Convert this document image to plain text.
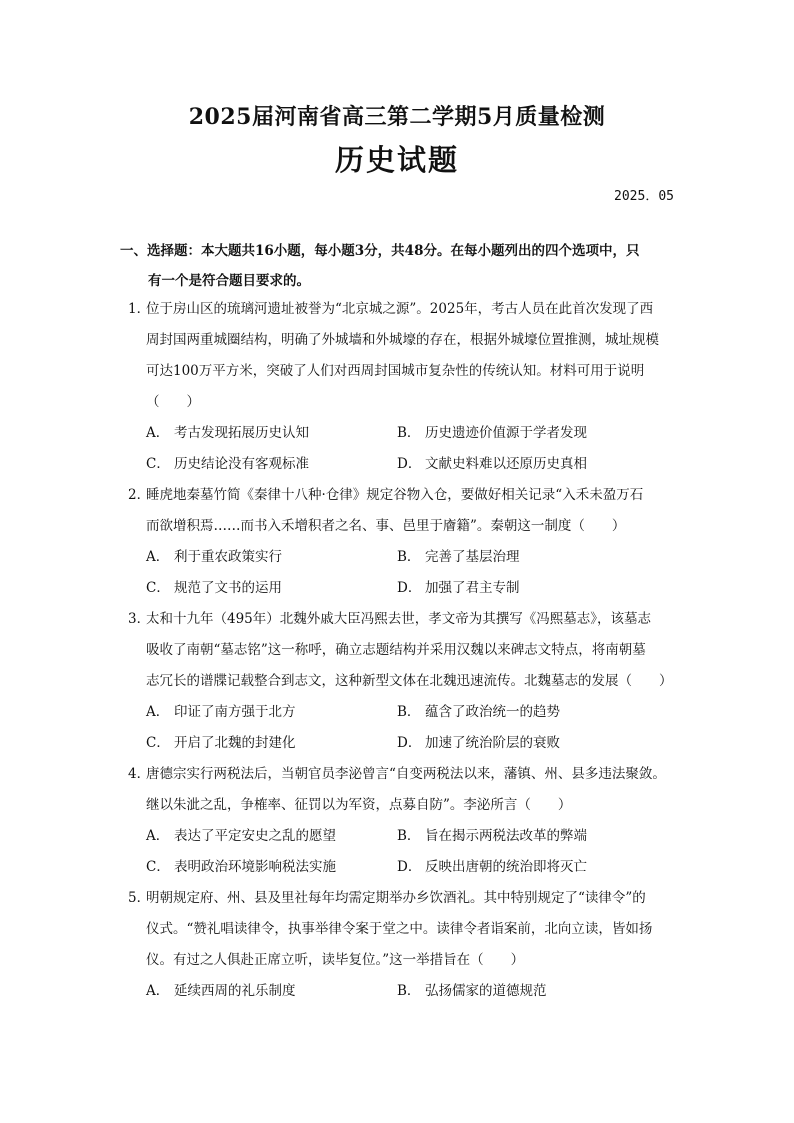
2025届河南省高三第二学期5月质量检测
历史试题
2025．05
一、选择题：本大题共16小题，每小题3分，共48分。在每小题列出的四个选项中，只
有一个是符合题目要求的。
1．位于房山区的琉璃河遗址被誉为“北京城之源”。2025年，考古人员在此首次发现了西
周封国两重城圈结构，明确了外城墙和外城壕的存在，根据外城壕位置推测，城址规模
可达100万平方米，突破了人们对西周封国城市复杂性的传统认知。材料可用于说明
（　　）
A． 考古发现拓展历史认知	B． 历史遗迹价值源于学者发现
C． 历史结论没有客观标准	D． 文献史料难以还原历史真相
2．睡虎地秦墓竹简《秦律十八种·仓律》规定谷物入仓，要做好相关记录“入禾未盈万石
而欲增积焉……而书入禾增积者之名、事、邑里于廥籍”。秦朝这一制度（　　）
A． 利于重农政策实行	B． 完善了基层治理
C． 规范了文书的运用	D． 加强了君主专制
3．太和十九年（495年）北魏外戚大臣冯熙去世，孝文帝为其撰写《冯熙墓志》，该墓志
吸收了南朝“墓志铭”这一称呼，确立志题结构并采用汉魏以来碑志文特点，将南朝墓
志冗长的谱牒记载整合到志文，这种新型文体在北魏迅速流传。北魏墓志的发展（　　）
A． 印证了南方强于北方	B． 蕴含了政治统一的趋势
C． 开启了北魏的封建化	D． 加速了统治阶层的衰败
4．唐德宗实行两税法后，当朝官员李泌曾言“自变两税法以来，藩镇、州、县多违法聚敛。
继以朱泚之乱，争榷率、征罚以为军资，点募自防”。李泌所言（　　）
A． 表达了平定安史之乱的愿望	B． 旨在揭示两税法改革的弊端
C． 表明政治环境影响税法实施	D． 反映出唐朝的统治即将灭亡
5．明朝规定府、州、县及里社每年均需定期举办乡饮酒礼。其中特别规定了“读律令”的
仪式。“赞礼唱读律令，执事举律令案于堂之中。读律令者诣案前，北向立读，皆如扬
仪。有过之人俱赴正席立听，读毕复位。”这一举措旨在（　　）
A． 延续西周的礼乐制度	B． 弘扬儒家的道德规范
